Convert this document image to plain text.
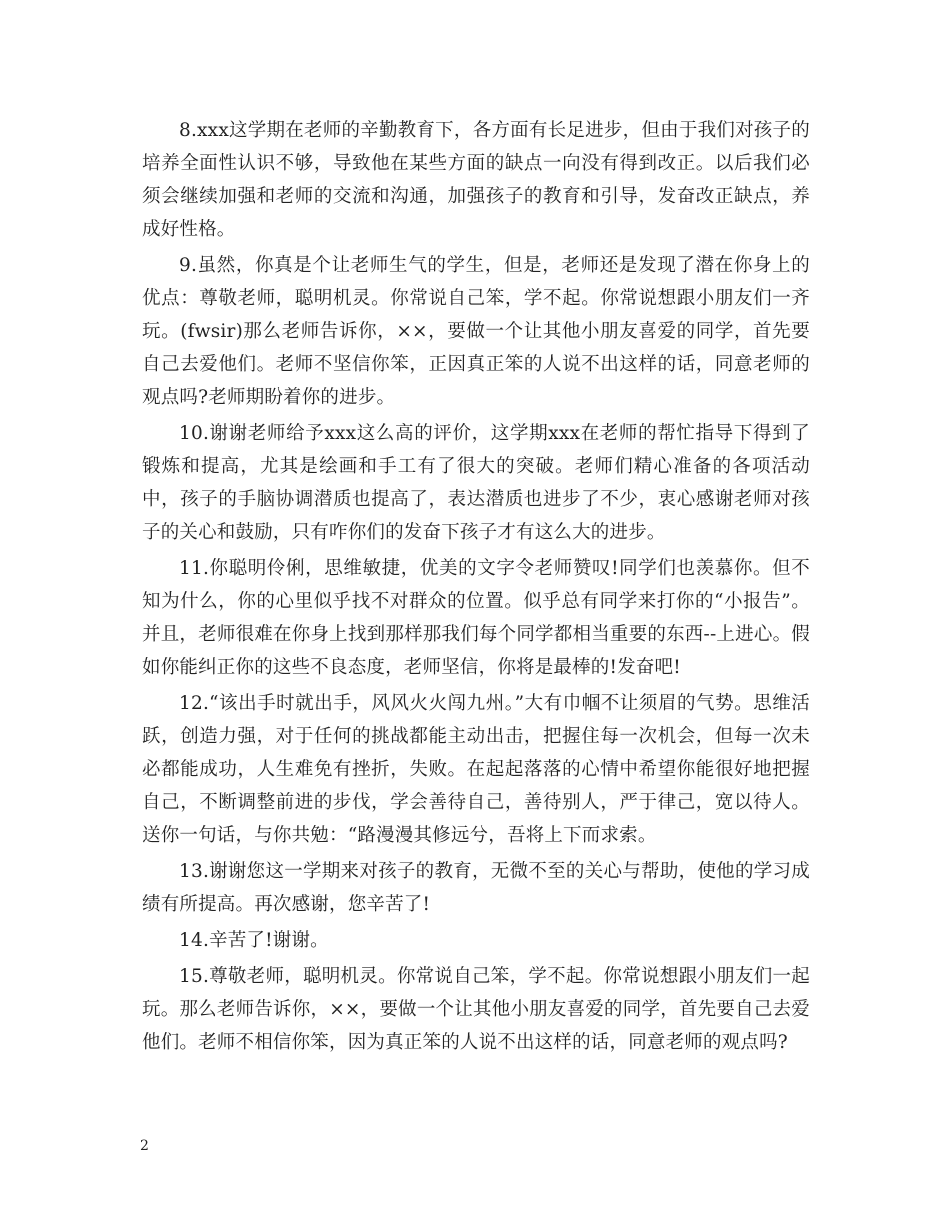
8.xxx这学期在老师的辛勤教育下，各方面有长足进步，但由于我们对孩子的培养全面性认识不够，导致他在某些方面的缺点一向没有得到改正。以后我们必须会继续加强和老师的交流和沟通，加强孩子的教育和引导，发奋改正缺点，养成好性格。

9.虽然，你真是个让老师生气的学生，但是，老师还是发现了潜在你身上的优点：尊敬老师，聪明机灵。你常说自己笨，学不起。你常说想跟小朋友们一齐玩。(fwsir)那么老师告诉你，××，要做一个让其他小朋友喜爱的同学，首先要自己去爱他们。老师不坚信你笨，正因真正笨的人说不出这样的话，同意老师的观点吗?老师期盼着你的进步。

10.谢谢老师给予xxx这么高的评价，这学期xxx在老师的帮忙指导下得到了锻炼和提高，尤其是绘画和手工有了很大的突破。老师们精心准备的各项活动中，孩子的手脑协调潜质也提高了，表达潜质也进步了不少，衷心感谢老师对孩子的关心和鼓励，只有咋你们的发奋下孩子才有这么大的进步。

11.你聪明伶俐，思维敏捷，优美的文字令老师赞叹!同学们也羡慕你。但不知为什么，你的心里似乎找不对群众的位置。似乎总有同学来打你的“小报告”。并且，老师很难在你身上找到那样那我们每个同学都相当重要的东西--上进心。假如你能纠正你的这些不良态度，老师坚信，你将是最棒的!发奋吧!

12.“该出手时就出手，风风火火闯九州。”大有巾帼不让须眉的气势。思维活跃，创造力强，对于任何的挑战都能主动出击，把握住每一次机会，但每一次未必都能成功，人生难免有挫折，失败。在起起落落的心情中希望你能很好地把握自己，不断调整前进的步伐，学会善待自己，善待别人，严于律己，宽以待人。送你一句话，与你共勉：“路漫漫其修远兮，吾将上下而求索。

13.谢谢您这一学期来对孩子的教育，无微不至的关心与帮助，使他的学习成绩有所提高。再次感谢，您辛苦了!

14.辛苦了!谢谢。

15.尊敬老师，聪明机灵。你常说自己笨，学不起。你常说想跟小朋友们一起玩。那么老师告诉你，××，要做一个让其他小朋友喜爱的同学，首先要自己去爱他们。老师不相信你笨，因为真正笨的人说不出这样的话，同意老师的观点吗?

2
